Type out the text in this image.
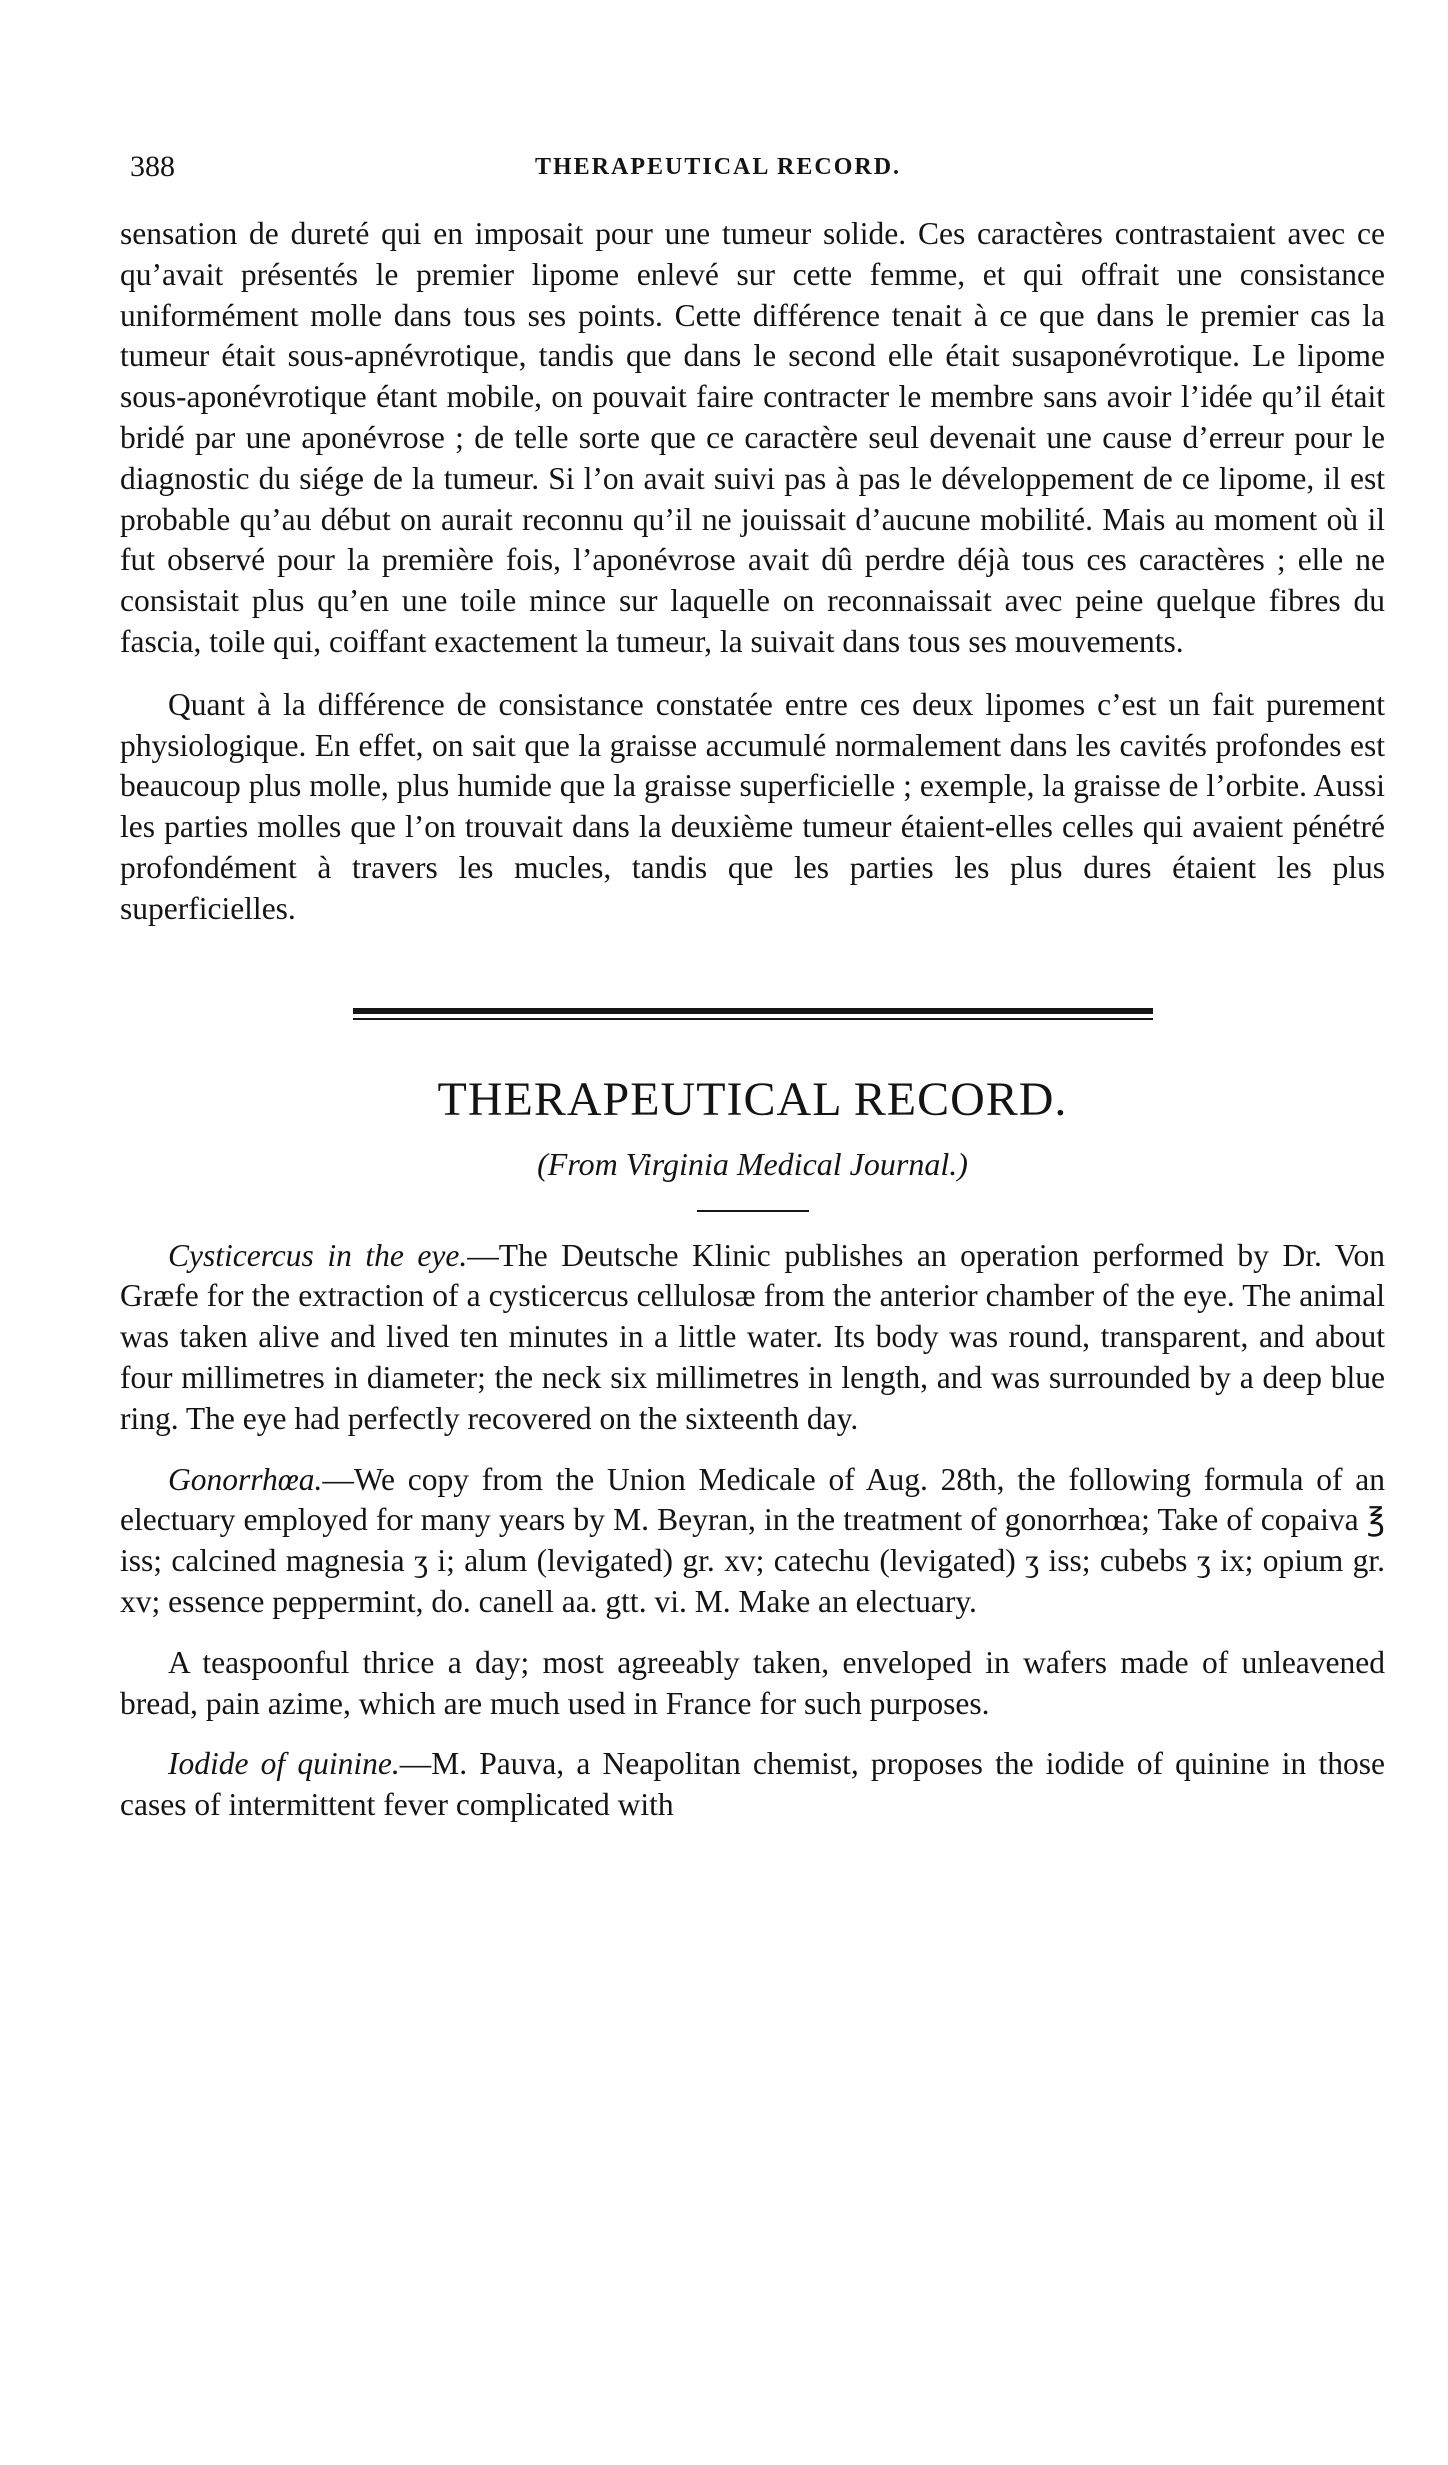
388	THERAPEUTICAL RECORD.

sensation de dureté qui en imposait pour une tumeur solide. Ces caractères contrastaient avec ce qu’avait présentés le premier lipome enlevé sur cette femme, et qui offrait une consistance uniformément molle dans tous ses points. Cette différence tenait à ce que dans le premier cas la tumeur était sous-apnévrotique, tandis que dans le second elle était susaponévrotique. Le lipome sous-aponévrotique étant mobile, on pouvait faire contracter le membre sans avoir l’idée qu’il était bridé par une aponévrose ; de telle sorte que ce caractère seul devenait une cause d’erreur pour le diagnostic du siége de la tumeur. Si l’on avait suivi pas à pas le développement de ce lipome, il est probable qu’au début on aurait reconnu qu’il ne jouissait d’aucune mobilité. Mais au moment où il fut observé pour la première fois, l’aponévrose avait dû perdre déjà tous ces caractères ; elle ne consistait plus qu’en une toile mince sur laquelle on reconnaissait avec peine quelque fibres du fascia, toile qui, coiffant exactement la tumeur, la suivait dans tous ses mouvements.

Quant à la différence de consistance constatée entre ces deux lipomes c’est un fait purement physiologique. En effet, on sait que la graisse accumulé normalement dans les cavités profondes est beaucoup plus molle, plus humide que la graisse superficielle ; exemple, la graisse de l’orbite. Aussi les parties molles que l’on trouvait dans la deuxième tumeur étaient-elles celles qui avaient pénétré profondément à travers les mucles, tandis que les parties les plus dures étaient les plus superficielles.

THERAPEUTICAL RECORD.
(From Virginia Medical Journal.)

Cysticercus in the eye.—The Deutsche Klinic publishes an operation performed by Dr. Von Græfe for the extraction of a cysticercus cellulosæ from the anterior chamber of the eye. The animal was taken alive and lived ten minutes in a little water. Its body was round, transparent, and about four millimetres in diameter; the neck six millimetres in length, and was surrounded by a deep blue ring. The eye had perfectly recovered on the sixteenth day.

Gonorrhœa.—We copy from the Union Medicale of Aug. 28th, the following formula of an electuary employed for many years by M. Beyran, in the treatment of gonorrhœa; Take of copaiva ℥ iss; calcined magnesia ʒ i; alum (levigated) gr. xv; catechu (levigated) ʒ iss; cubebs ʒ ix; opium gr. xv; essence peppermint, do. canell aa. gtt. vi. M. Make an electuary.

A teaspoonful thrice a day; most agreeably taken, enveloped in wafers made of unleavened bread, pain azime, which are much used in France for such purposes.

Iodide of quinine.—M. Pauva, a Neapolitan chemist, proposes the iodide of quinine in those cases of intermittent fever complicated with
